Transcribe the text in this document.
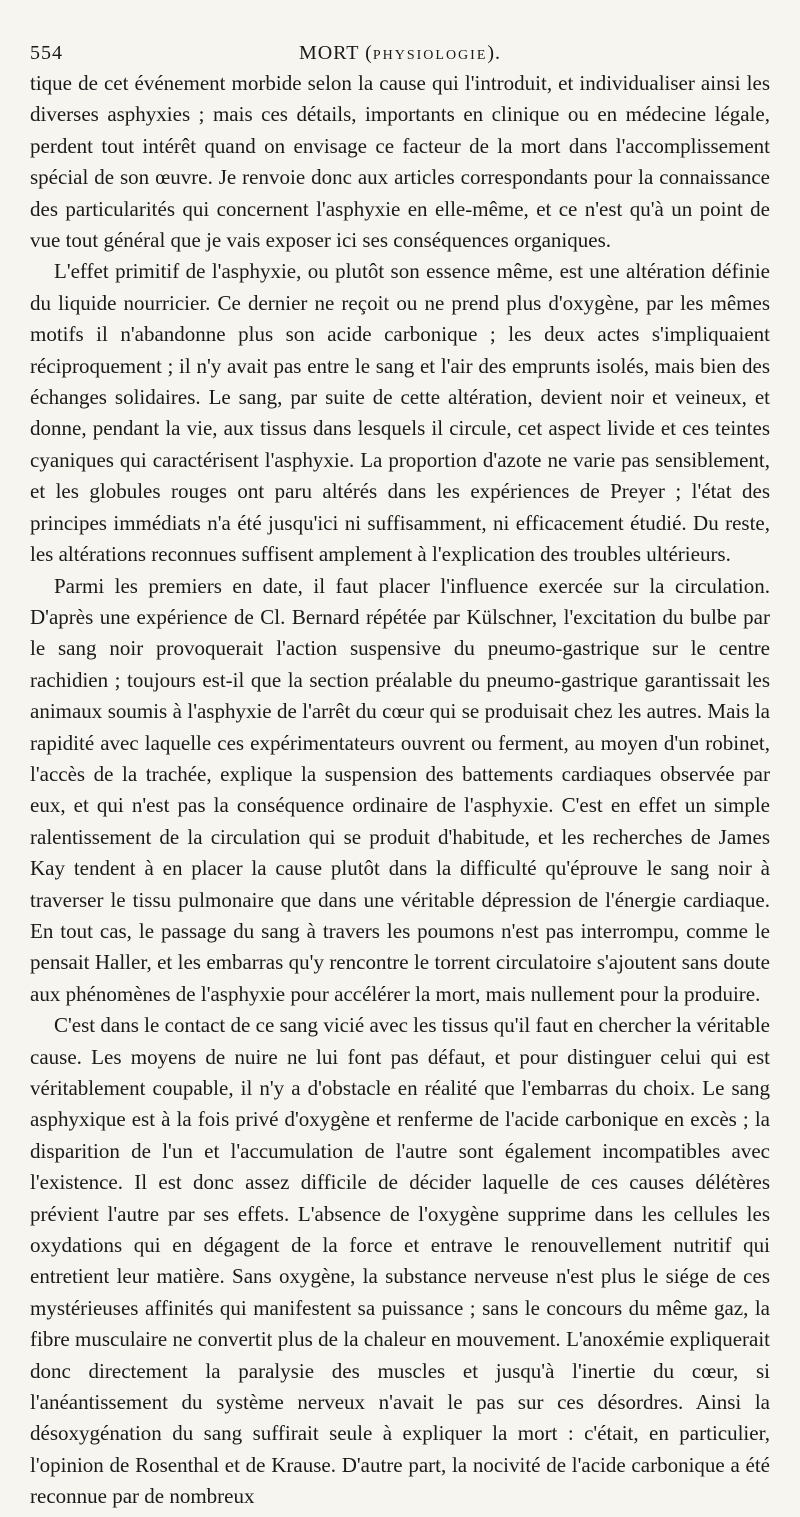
554	MORT (PHYSIOLOGIE).

tique de cet événement morbide selon la cause qui l'introduit, et individualiser ainsi les diverses asphyxies ; mais ces détails, importants en clinique ou en médecine légale, perdent tout intérêt quand on envisage ce facteur de la mort dans l'accomplissement spécial de son œuvre. Je renvoie donc aux articles correspondants pour la connaissance des particularités qui concernent l'asphyxie en elle-même, et ce n'est qu'à un point de vue tout général que je vais exposer ici ses conséquences organiques.

L'effet primitif de l'asphyxie, ou plutôt son essence même, est une altération définie du liquide nourricier. Ce dernier ne reçoit ou ne prend plus d'oxygène, par les mêmes motifs il n'abandonne plus son acide carbonique ; les deux actes s'impliquaient réciproquement ; il n'y avait pas entre le sang et l'air des emprunts isolés, mais bien des échanges solidaires. Le sang, par suite de cette altération, devient noir et veineux, et donne, pendant la vie, aux tissus dans lesquels il circule, cet aspect livide et ces teintes cyaniques qui caractérisent l'asphyxie. La proportion d'azote ne varie pas sensiblement, et les globules rouges ont paru altérés dans les expériences de Preyer ; l'état des principes immédiats n'a été jusqu'ici ni suffisamment, ni efficacement étudié. Du reste, les altérations reconnues suffisent amplement à l'explication des troubles ultérieurs.

Parmi les premiers en date, il faut placer l'influence exercée sur la circulation. D'après une expérience de Cl. Bernard répétée par Külschner, l'excitation du bulbe par le sang noir provoquerait l'action suspensive du pneumo-gastrique sur le centre rachidien ; toujours est-il que la section préalable du pneumo-gastrique garantissait les animaux soumis à l'asphyxie de l'arrêt du cœur qui se produisait chez les autres. Mais la rapidité avec laquelle ces expérimentateurs ouvrent ou ferment, au moyen d'un robinet, l'accès de la trachée, explique la suspension des battements cardiaques observée par eux, et qui n'est pas la conséquence ordinaire de l'asphyxie. C'est en effet un simple ralentissement de la circulation qui se produit d'habitude, et les recherches de James Kay tendent à en placer la cause plutôt dans la difficulté qu'éprouve le sang noir à traverser le tissu pulmonaire que dans une véritable dépression de l'énergie cardiaque. En tout cas, le passage du sang à travers les poumons n'est pas interrompu, comme le pensait Haller, et les embarras qu'y rencontre le torrent circulatoire s'ajoutent sans doute aux phénomènes de l'asphyxie pour accélérer la mort, mais nullement pour la produire.

C'est dans le contact de ce sang vicié avec les tissus qu'il faut en chercher la véritable cause. Les moyens de nuire ne lui font pas défaut, et pour distinguer celui qui est véritablement coupable, il n'y a d'obstacle en réalité que l'embarras du choix. Le sang asphyxique est à la fois privé d'oxygène et renferme de l'acide carbonique en excès ; la disparition de l'un et l'accumulation de l'autre sont également incompatibles avec l'existence. Il est donc assez difficile de décider laquelle de ces causes délétères prévient l'autre par ses effets. L'absence de l'oxygène supprime dans les cellules les oxydations qui en dégagent de la force et entrave le renouvellement nutritif qui entretient leur matière. Sans oxygène, la substance nerveuse n'est plus le siége de ces mystérieuses affinités qui manifestent sa puissance ; sans le concours du même gaz, la fibre musculaire ne convertit plus de la chaleur en mouvement. L'anoxémie expliquerait donc directement la paralysie des muscles et jusqu'à l'inertie du cœur, si l'anéantissement du système nerveux n'avait le pas sur ces désordres. Ainsi la désoxygénation du sang suffirait seule à expliquer la mort : c'était, en particulier, l'opinion de Rosenthal et de Krause. D'autre part, la nocivité de l'acide carbonique a été reconnue par de nombreux
